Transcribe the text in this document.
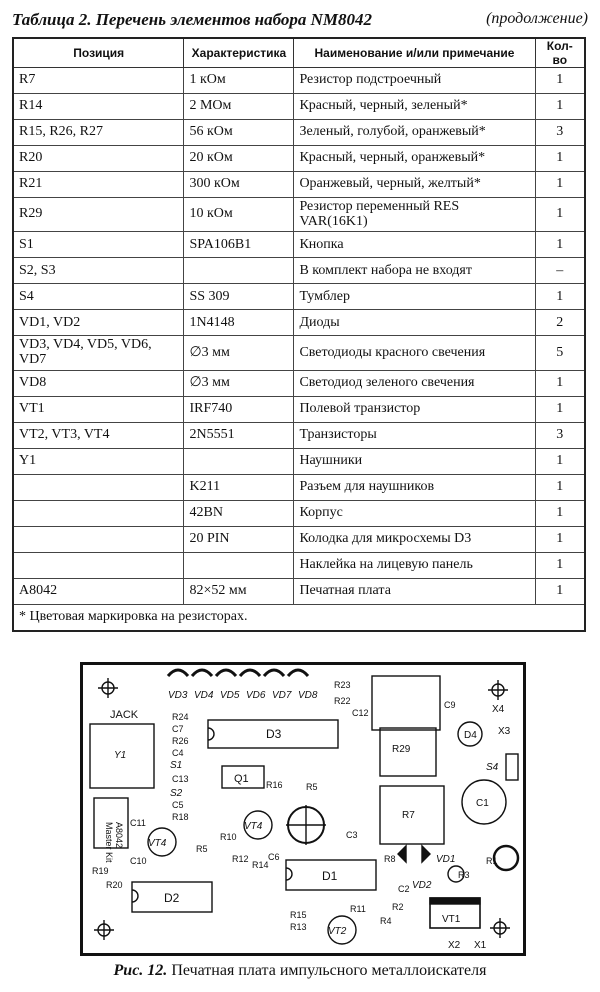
Таблица 2. Перечень элементов набора NM8042	(продолжение)
Позиция	Характеристика	Наименование и/или примечание	Кол-во
R7	1 кОм	Резистор подстроечный	1
R14	2 МОм	Красный, черный, зеленый*	1
R15, R26, R27	56 кОм	Зеленый, голубой, оранжевый*	3
R20	20 кОм	Красный, черный, оранжевый*	1
R21	300 кОм	Оранжевый, черный, желтый*	1
R29	10 кОм	Резистор переменный RES VAR(16K1)	1
S1	SPA106B1	Кнопка	1
S2, S3		В комплект набора не входят	–
S4	SS 309	Тумблер	1
VD1, VD2	1N4148	Диоды	2
VD3, VD4, VD5, VD6, VD7	∅3 мм	Светодиоды красного свечения	5
VD8	∅3 мм	Светодиод зеленого свечения	1
VT1	IRF740	Полевой транзистор	1
VT2, VT3, VT4	2N5551	Транзисторы	3
Y1		Наушники	1
	K211	Разъем для наушников	1
	42BN	Корпус	1
	20 PIN	Колодка для микросхемы D3	1
		Наклейка на лицевую панель	1
A8042	82×52 мм	Печатная плата	1
* Цветовая маркировка на резисторах.			
JACK
Y1
VD3 VD4 VD5 VD6 VD7 VD8
D3
Q1
D1
D2
R29
R7
C1
VT1
VT4
VT4
VT2
VD1
VD2
D4
X1
X2
X3
X4
S4
S1
S2
Master Kit A8042
R23
R22
R24
R26
R18
R10
R16	R5
R5
R8
R3
R1
R15
R13
R11	R2
R4
R12
R14
R19
R20
C12
C9
C7
C4
C13
C5
C11
C10
C3
C2
C6
Рис. 12. Печатная плата импульсного металлоискателя
